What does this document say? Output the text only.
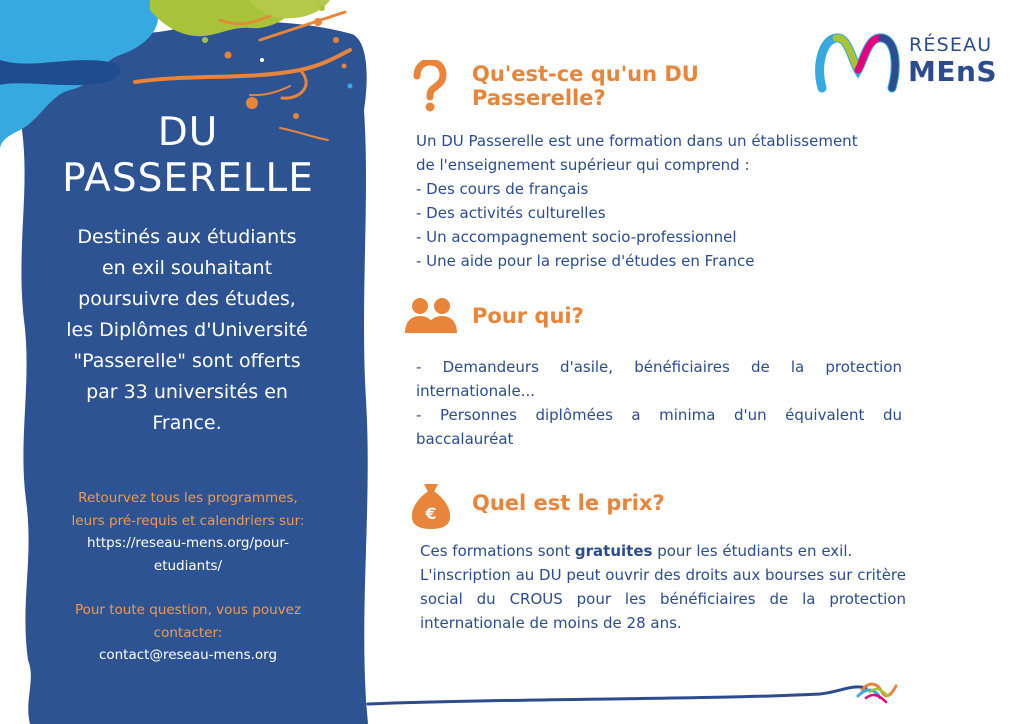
DU
PASSERELLE

Destinés aux étudiants
en exil souhaitant
poursuivre des études,
les Diplômes d'Université
"Passerelle" sont offerts
par 33 universités en
France.

Retourvez tous les programmes,
leurs pré-requis et calendriers sur:
https://reseau-mens.org/pour-
etudiants/

Pour toute question, vous pouvez
contacter:
contact@reseau-mens.org

RÉSEAU
MEnS
Qu'est-ce qu'un DU
Passerelle?

Un DU Passerelle est une formation dans un établissement
de l'enseignement supérieur qui comprend :
- Des cours de français
- Des activités culturelles
- Un accompagnement socio-professionnel
- Une aide pour la reprise d'études en France

Pour qui?

- Demandeurs d'asile, bénéficiaires de la protection internationale...
- Personnes diplômées a minima d'un équivalent du baccalauréat

€ Quel est le prix?

Ces formations sont gratuites pour les étudiants en exil.
L'inscription au DU peut ouvrir des droits aux bourses sur critère social du CROUS pour les bénéficiaires de la protection internationale de moins de 28 ans.
